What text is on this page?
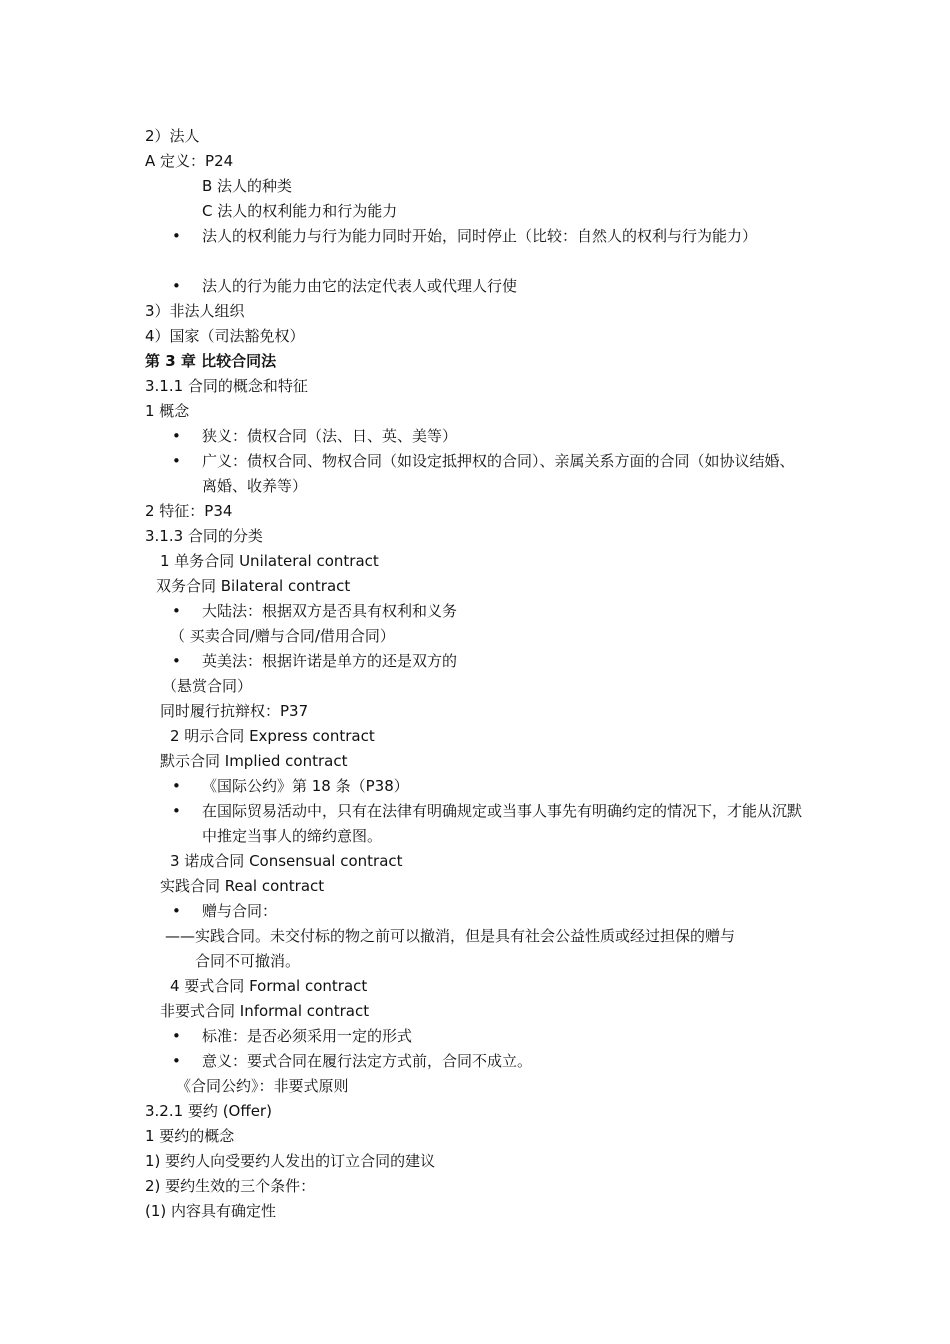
2）法人
A 定义：P24
B 法人的种类
C 法人的权利能力和行为能力
• 法人的权利能力与行为能力同时开始，同时停止（比较：自然人的权利与行为能力）
• 法人的行为能力由它的法定代表人或代理人行使
3）非法人组织
4）国家（司法豁免权）
第 3 章 比较合同法
3.1.1 合同的概念和特征
1 概念
• 狭义：债权合同（法、日、英、美等）
• 广义：债权合同、物权合同（如设定抵押权的合同）、亲属关系方面的合同（如协议结婚、离婚、收养等）
2 特征：P34
3.1.3 合同的分类
1 单务合同 Unilateral contract
双务合同 Bilateral contract
• 大陆法：根据双方是否具有权利和义务
（ 买卖合同/赠与合同/借用合同）
• 英美法：根据许诺是单方的还是双方的
（悬赏合同）
同时履行抗辩权：P37
2 明示合同 Express contract
默示合同 Implied contract
• 《国际公约》第 18 条（P38）
• 在国际贸易活动中，只有在法律有明确规定或当事人事先有明确约定的情况下，才能从沉默中推定当事人的缔约意图。
3 诺成合同 Consensual contract
实践合同 Real contract
• 赠与合同：
——实践合同。未交付标的物之前可以撤消，但是具有社会公益性质或经过担保的赠与
合同不可撤消。
4 要式合同 Formal contract
非要式合同 Informal contract
• 标准：是否必须采用一定的形式
• 意义：要式合同在履行法定方式前，合同不成立。
《合同公约》：非要式原则
3.2.1 要约 (Offer)
1 要约的概念
1) 要约人向受要约人发出的订立合同的建议
2) 要约生效的三个条件：
(1) 内容具有确定性
